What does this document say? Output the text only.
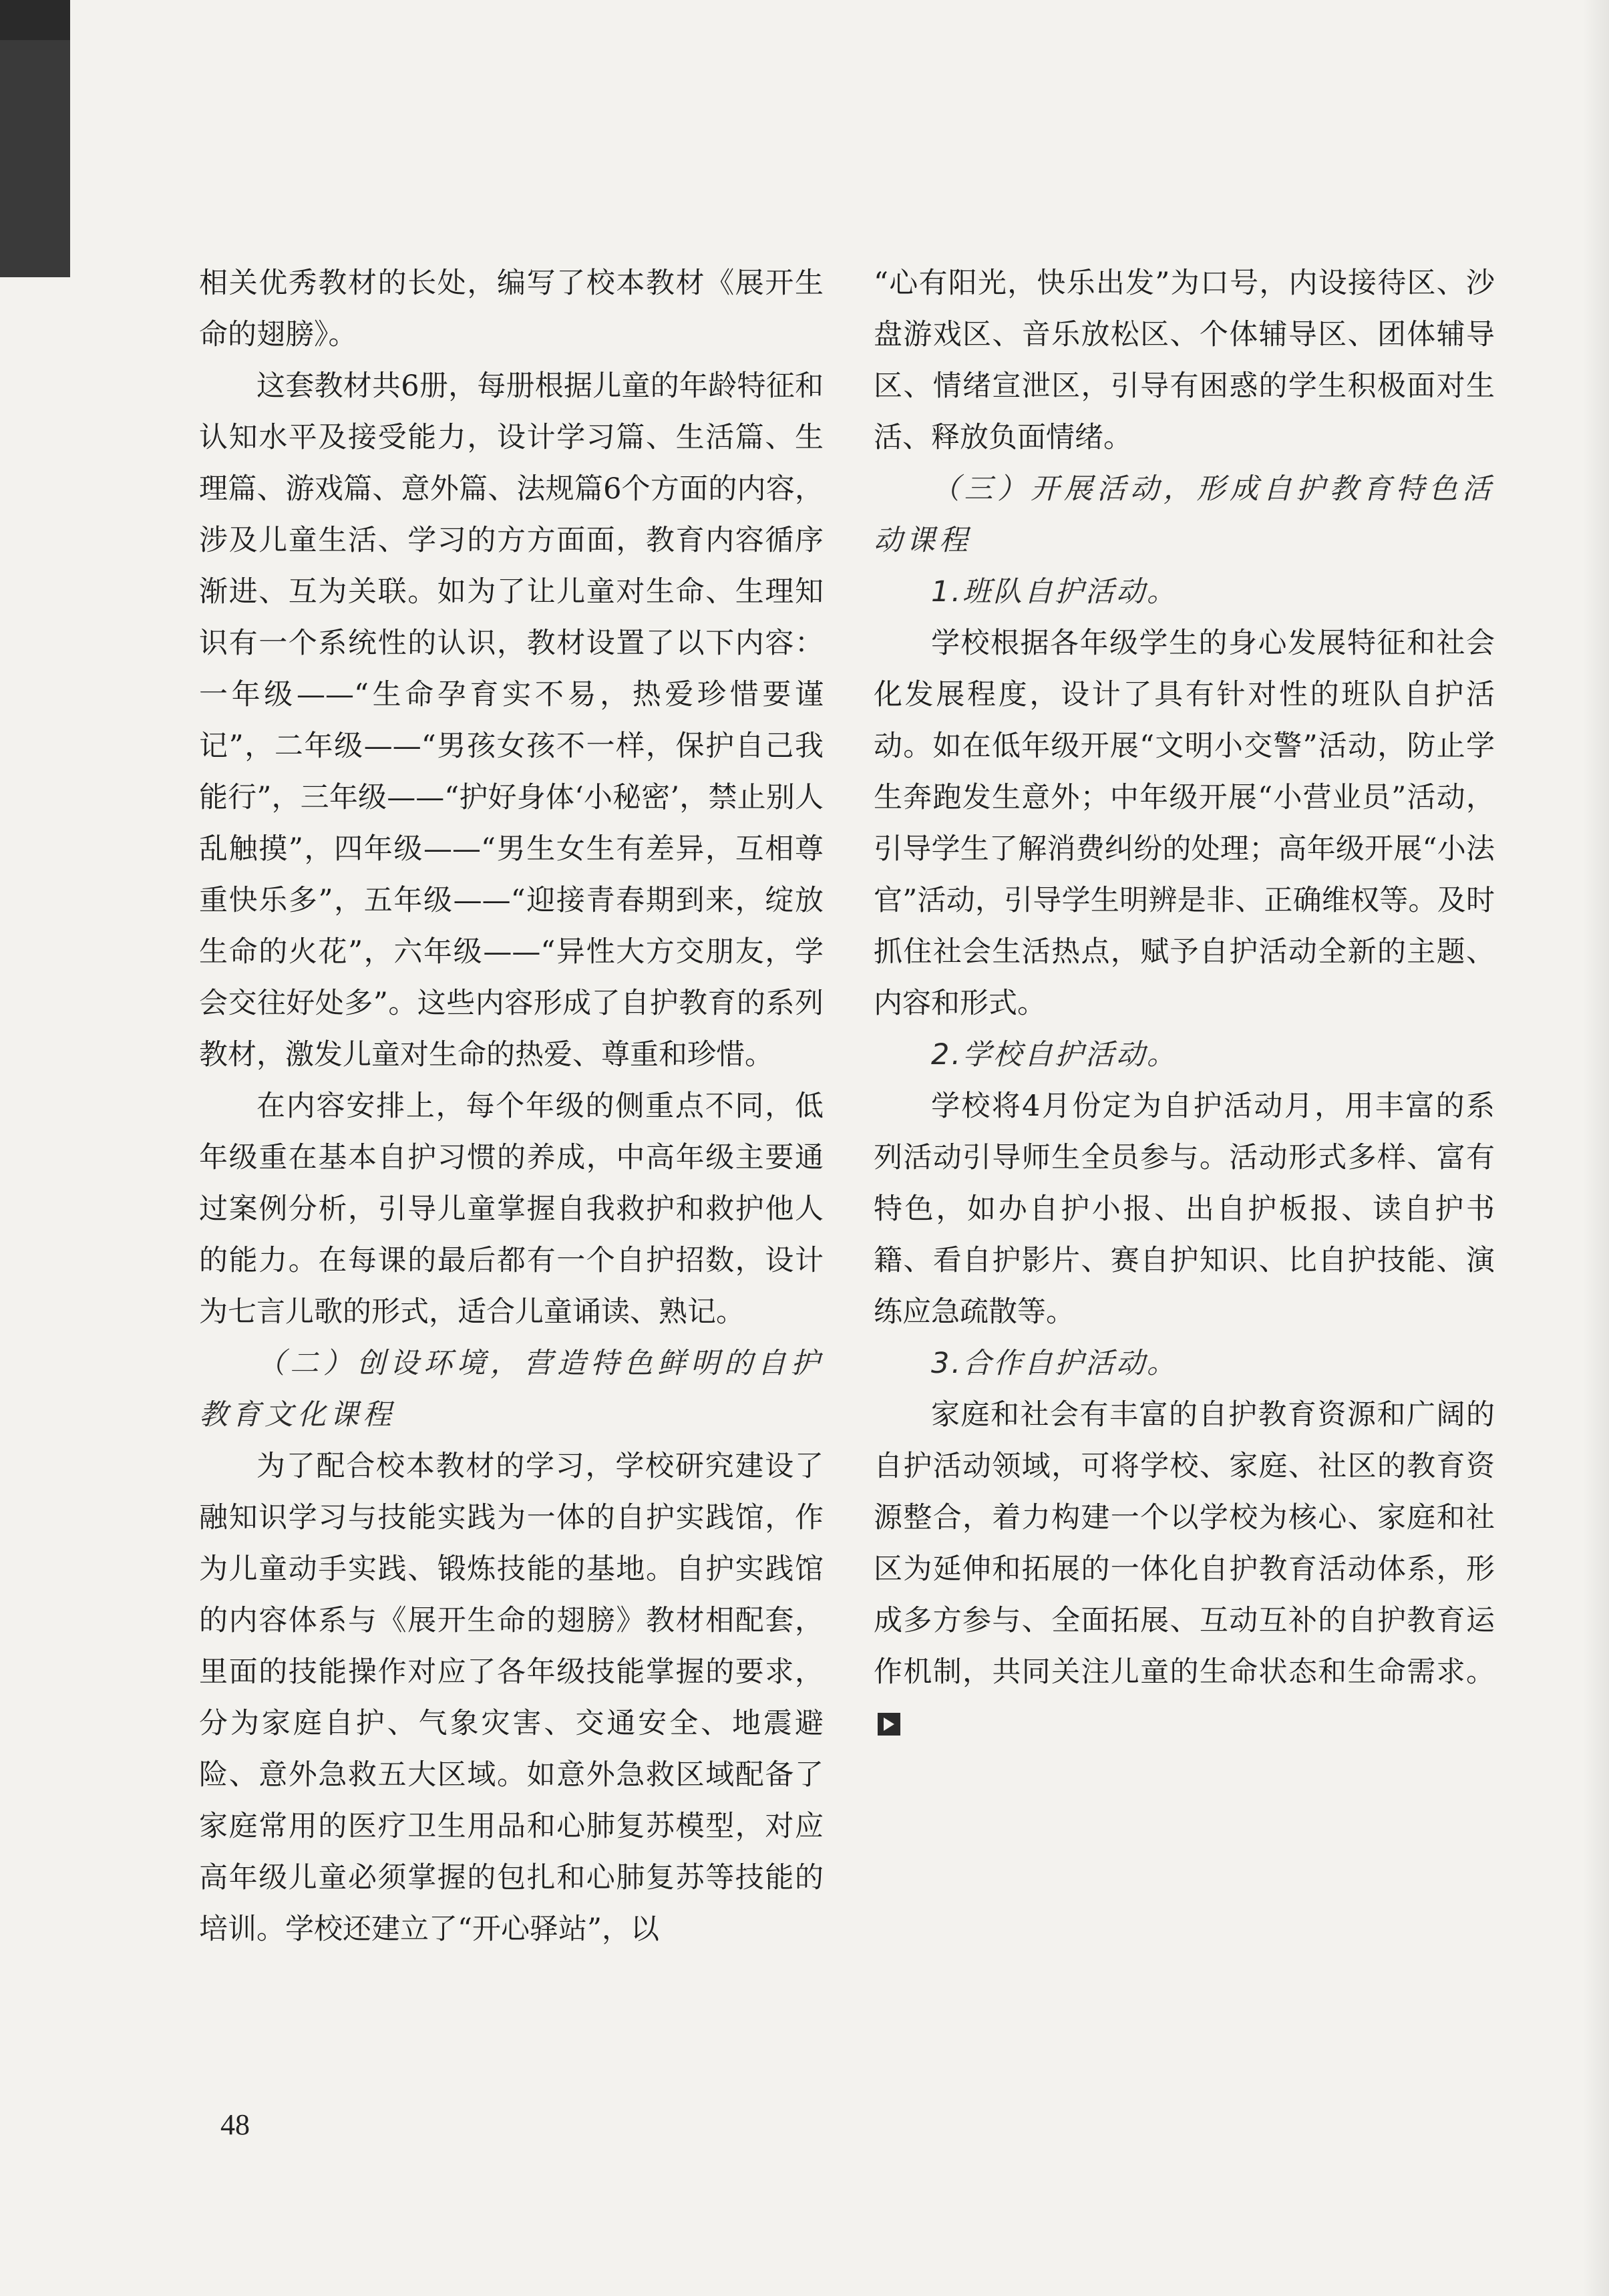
相关优秀教材的长处，编写了校本教材《展开生命的翅膀》。

这套教材共6册，每册根据儿童的年龄特征和认知水平及接受能力，设计学习篇、生活篇、生理篇、游戏篇、意外篇、法规篇6个方面的内容，涉及儿童生活、学习的方方面面，教育内容循序渐进、互为关联。如为了让儿童对生命、生理知识有一个系统性的认识，教材设置了以下内容：一年级——“生命孕育实不易，热爱珍惜要谨记”，二年级——“男孩女孩不一样，保护自己我能行”，三年级——“护好身体‘小秘密’，禁止别人乱触摸”，四年级——“男生女生有差异，互相尊重快乐多”，五年级——“迎接青春期到来，绽放生命的火花”，六年级——“异性大方交朋友，学会交往好处多”。这些内容形成了自护教育的系列教材，激发儿童对生命的热爱、尊重和珍惜。

在内容安排上，每个年级的侧重点不同，低年级重在基本自护习惯的养成，中高年级主要通过案例分析，引导儿童掌握自我救护和救护他人的能力。在每课的最后都有一个自护招数，设计为七言儿歌的形式，适合儿童诵读、熟记。

（二）创设环境，营造特色鲜明的自护教育文化课程

为了配合校本教材的学习，学校研究建设了融知识学习与技能实践为一体的自护实践馆，作为儿童动手实践、锻炼技能的基地。自护实践馆的内容体系与《展开生命的翅膀》教材相配套，里面的技能操作对应了各年级技能掌握的要求，分为家庭自护、气象灾害、交通安全、地震避险、意外急救五大区域。如意外急救区域配备了家庭常用的医疗卫生用品和心肺复苏模型，对应高年级儿童必须掌握的包扎和心肺复苏等技能的培训。学校还建立了“开心驿站”，以

“心有阳光，快乐出发”为口号，内设接待区、沙盘游戏区、音乐放松区、个体辅导区、团体辅导区、情绪宣泄区，引导有困惑的学生积极面对生活、释放负面情绪。

（三）开展活动，形成自护教育特色活动课程

1.班队自护活动。

学校根据各年级学生的身心发展特征和社会化发展程度，设计了具有针对性的班队自护活动。如在低年级开展“文明小交警”活动，防止学生奔跑发生意外；中年级开展“小营业员”活动，引导学生了解消费纠纷的处理；高年级开展“小法官”活动，引导学生明辨是非、正确维权等。及时抓住社会生活热点，赋予自护活动全新的主题、内容和形式。

2.学校自护活动。

学校将4月份定为自护活动月，用丰富的系列活动引导师生全员参与。活动形式多样、富有特色，如办自护小报、出自护板报、读自护书籍、看自护影片、赛自护知识、比自护技能、演练应急疏散等。

3.合作自护活动。

家庭和社会有丰富的自护教育资源和广阔的自护活动领域，可将学校、家庭、社区的教育资源整合，着力构建一个以学校为核心、家庭和社区为延伸和拓展的一体化自护教育活动体系，形成多方参与、全面拓展、互动互补的自护教育运作机制，共同关注儿童的生命状态和生命需求。

48
